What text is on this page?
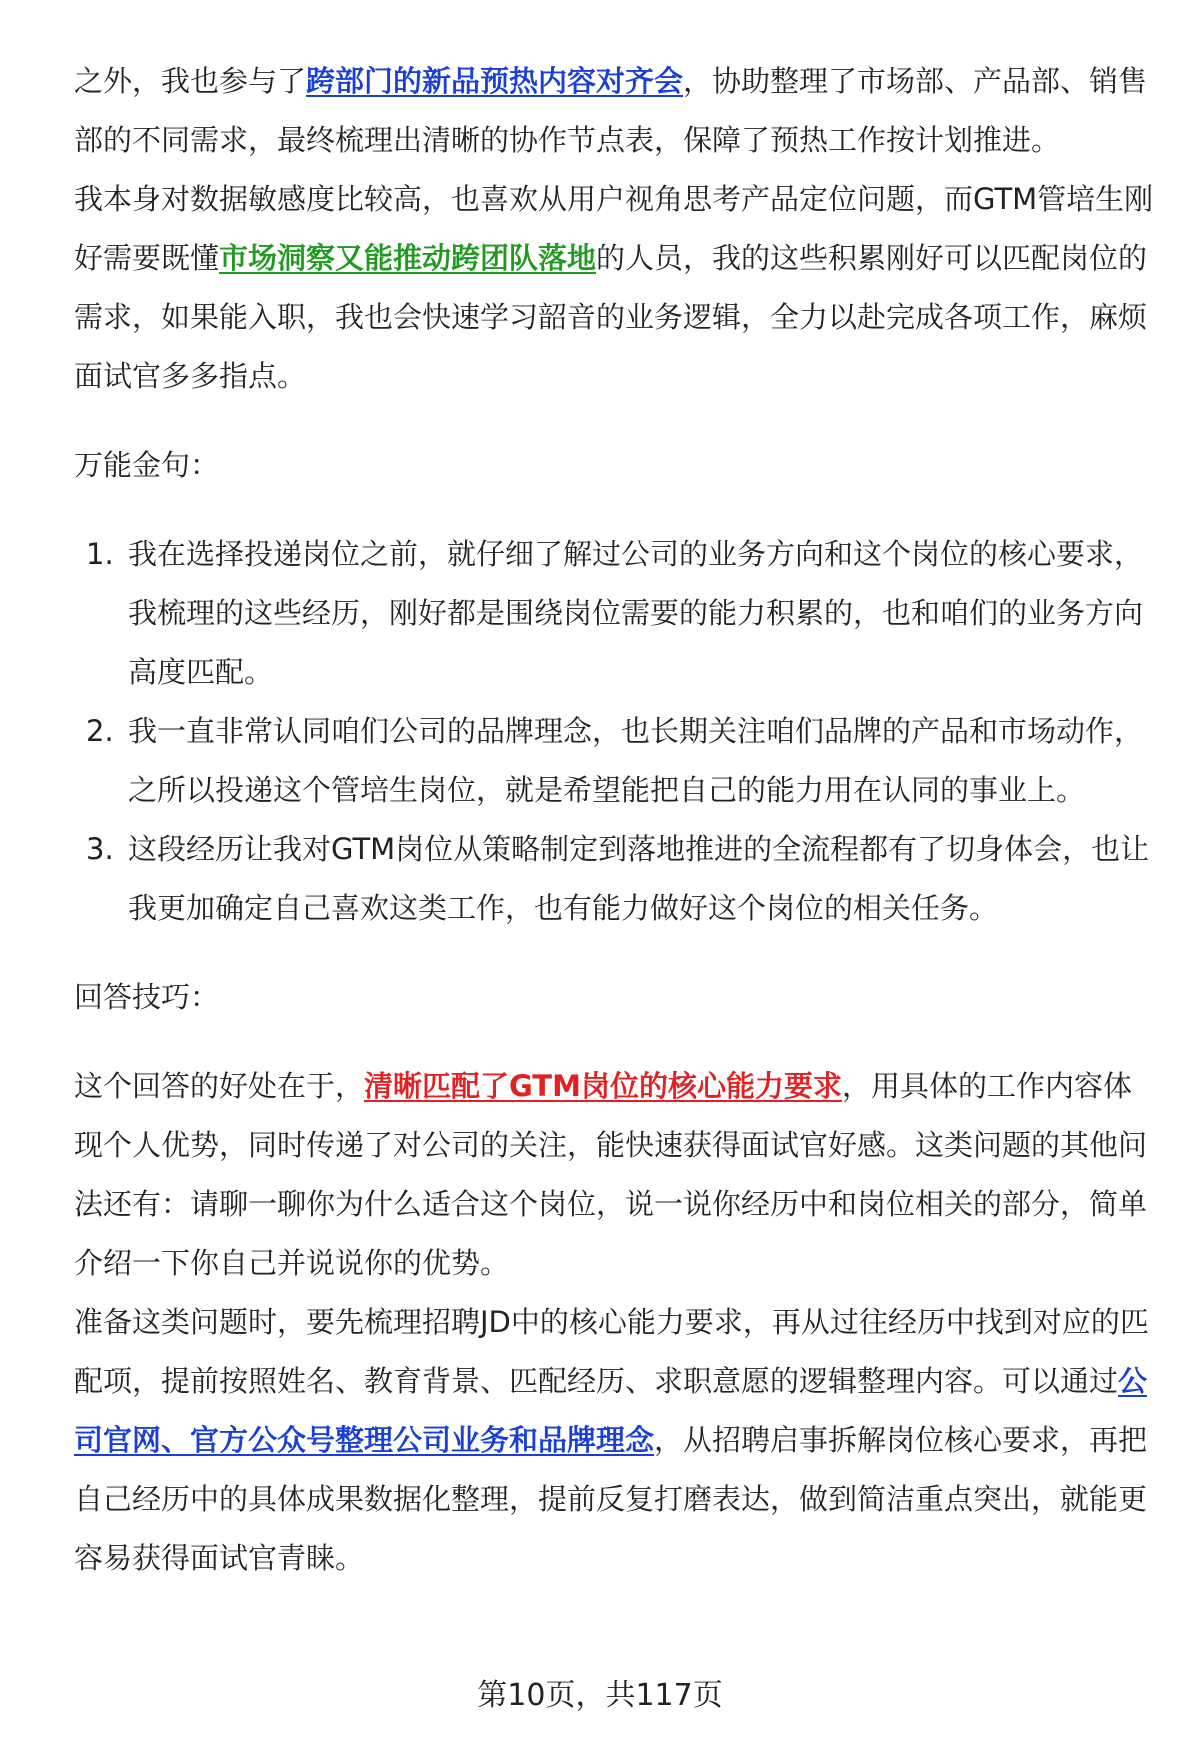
之外，我也参与了跨部门的新品预热内容对齐会，协助整理了市场部、产品部、销售部的不同需求，最终梳理出清晰的协作节点表，保障了预热工作按计划推进。

我本身对数据敏感度比较高，也喜欢从用户视角思考产品定位问题，而GTM管培生刚好需要既懂市场洞察又能推动跨团队落地的人员，我的这些积累刚好可以匹配岗位的需求，如果能入职，我也会快速学习韶音的业务逻辑，全力以赴完成各项工作，麻烦面试官多多指点。

万能金句：

1. 我在选择投递岗位之前，就仔细了解过公司的业务方向和这个岗位的核心要求，我梳理的这些经历，刚好都是围绕岗位需要的能力积累的，也和咱们的业务方向高度匹配。
2. 我一直非常认同咱们公司的品牌理念，也长期关注咱们品牌的产品和市场动作，之所以投递这个管培生岗位，就是希望能把自己的能力用在认同的事业上。
3. 这段经历让我对GTM岗位从策略制定到落地推进的全流程都有了切身体会，也让我更加确定自己喜欢这类工作，也有能力做好这个岗位的相关任务。

回答技巧：

这个回答的好处在于，清晰匹配了GTM岗位的核心能力要求，用具体的工作内容体现个人优势，同时传递了对公司的关注，能快速获得面试官好感。这类问题的其他问法还有：请聊一聊你为什么适合这个岗位，说一说你经历中和岗位相关的部分，简单介绍一下你自己并说说你的优势。

准备这类问题时，要先梳理招聘JD中的核心能力要求，再从过往经历中找到对应的匹配项，提前按照姓名、教育背景、匹配经历、求职意愿的逻辑整理内容。可以通过公司官网、官方公众号整理公司业务和品牌理念，从招聘启事拆解岗位核心要求，再把自己经历中的具体成果数据化整理，提前反复打磨表达，做到简洁重点突出，就能更容易获得面试官青睐。

第10页，共117页
